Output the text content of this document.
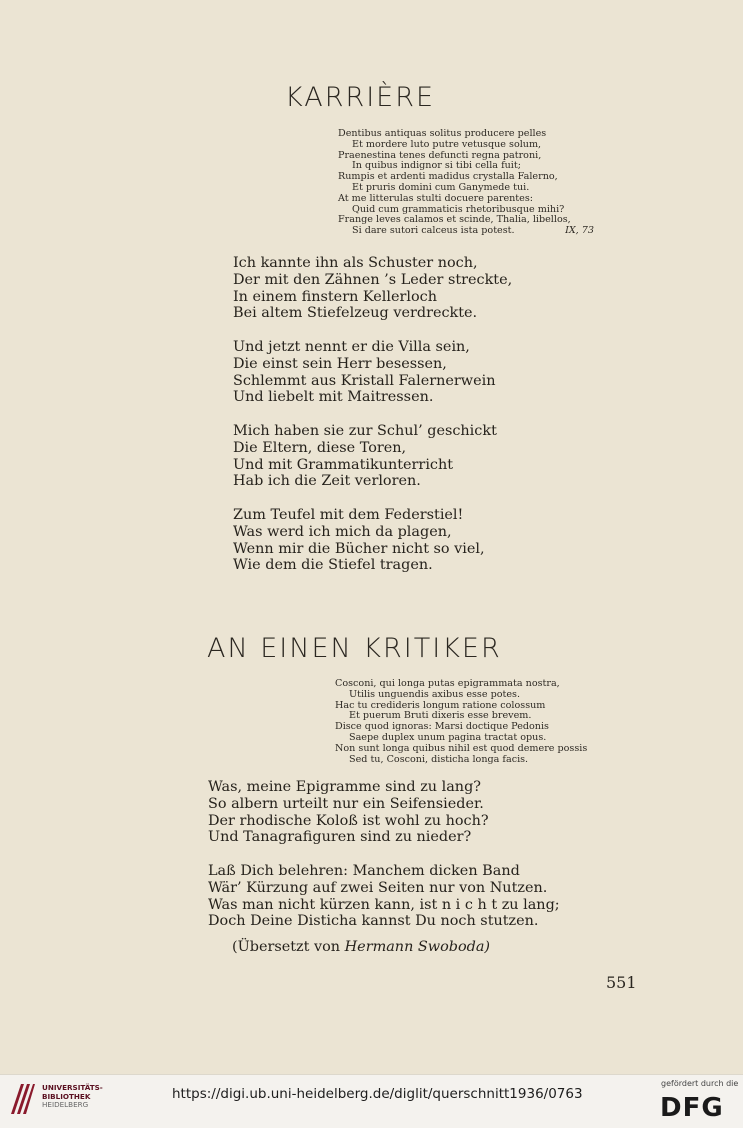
KARRIÈRE
Dentibus antiquas solitus producere pelles
Et mordere luto putre vetusque solum,
Praenestina tenes defuncti regna patroni,
In quibus indignor si tibi cella fuit;
Rumpis et ardenti madidus crystalla Falerno,
Et pruris domini cum Ganymede tui.
At me litterulas stulti docuere parentes:
Quid cum grammaticis rhetoribusque mihi?
Frange leves calamos et scinde, Thalia, libellos,
Si dare sutori calceus ista potest.	IX, 73
Ich kannte ihn als Schuster noch,
Der mit den Zähnen ’s Leder streckte,
In einem finstern Kellerloch
Bei altem Stiefelzeug verdreckte.
Und jetzt nennt er die Villa sein,
Die einst sein Herr besessen,
Schlemmt aus Kristall Falernerwein
Und liebelt mit Maitressen.
Mich haben sie zur Schul’ geschickt
Die Eltern, diese Toren,
Und mit Grammatikunterricht
Hab ich die Zeit verloren.
Zum Teufel mit dem Federstiel!
Was werd ich mich da plagen,
Wenn mir die Bücher nicht so viel,
Wie dem die Stiefel tragen.
AN EINEN KRITIKER
Cosconi, qui longa putas epigrammata nostra,
Utilis unguendis axibus esse potes.
Hac tu credideris longum ratione colossum
Et puerum Bruti dixeris esse brevem.
Disce quod ignoras: Marsi doctique Pedonis
Saepe duplex unum pagina tractat opus.
Non sunt longa quibus nihil est quod demere possis
Sed tu, Cosconi, disticha longa facis.
Was, meine Epigramme sind zu lang?
So albern urteilt nur ein Seifensieder.
Der rhodische Koloß ist wohl zu hoch?
Und Tanagrafiguren sind zu nieder?
Laß Dich belehren: Manchem dicken Band
Wär’ Kürzung auf zwei Seiten nur von Nutzen.
Was man nicht kürzen kann, ist n i c h t zu lang;
Doch Deine Disticha kannst Du noch stutzen.
(Übersetzt von Hermann Swoboda)
551
UNIVERSITÄTS-
BIBLIOTHEK
HEIDELBERG
https://digi.ub.uni-heidelberg.de/diglit/querschnitt1936/0763
gefördert durch die
DFG
